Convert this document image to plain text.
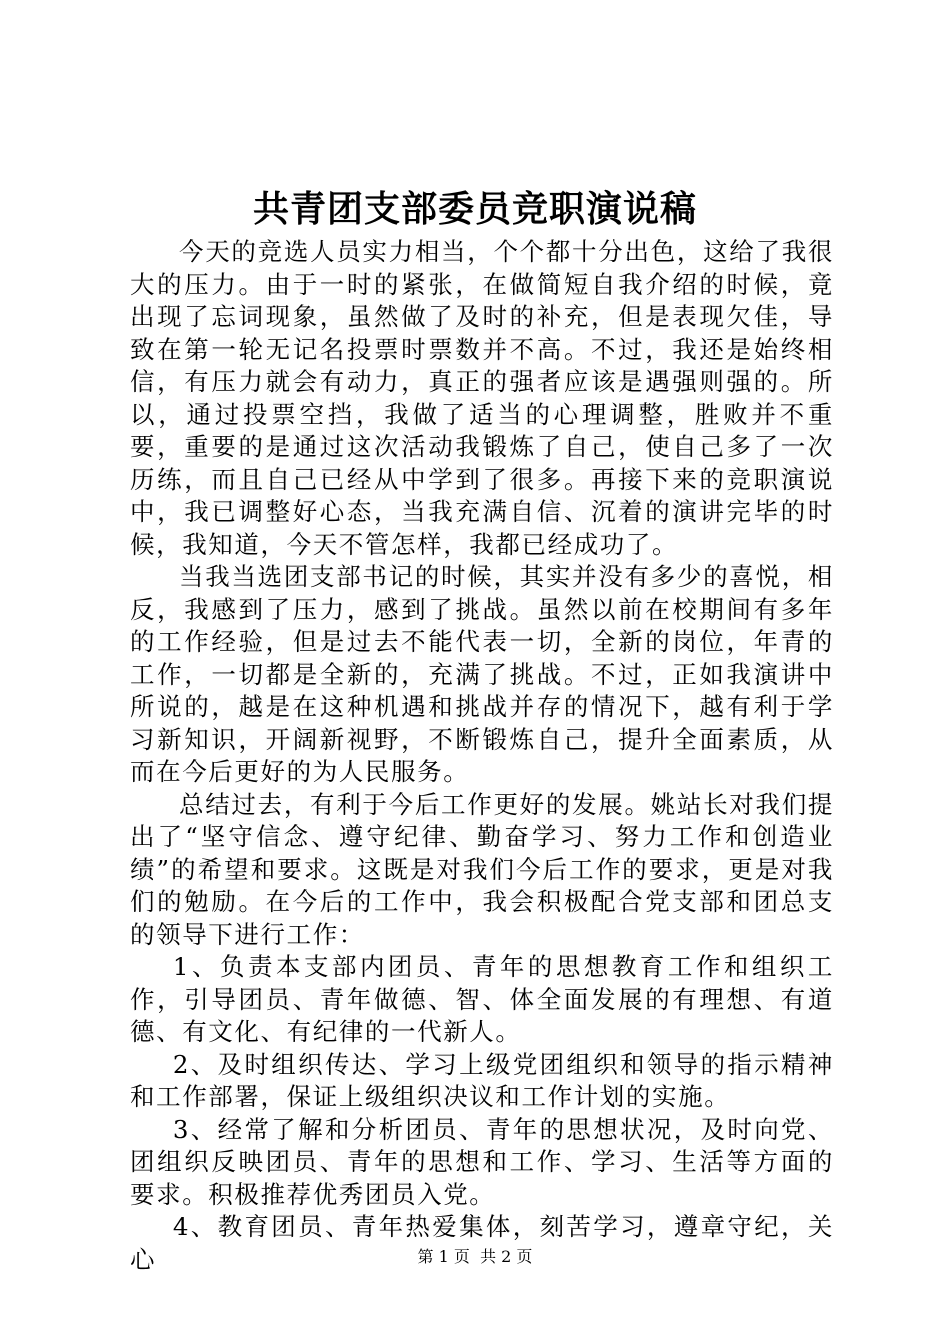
共青团支部委员竞职演说稿

今天的竞选人员实力相当，个个都十分出色，这给了我很大的压力。由于一时的紧张，在做简短自我介绍的时候，竟出现了忘词现象，虽然做了及时的补充，但是表现欠佳，导致在第一轮无记名投票时票数并不高。不过，我还是始终相信，有压力就会有动力，真正的强者应该是遇强则强的。所以，通过投票空挡，我做了适当的心理调整，胜败并不重要，重要的是通过这次活动我锻炼了自己，使自己多了一次历练，而且自己已经从中学到了很多。再接下来的竞职演说中，我已调整好心态，当我充满自信、沉着的演讲完毕的时候，我知道，今天不管怎样，我都已经成功了。

当我当选团支部书记的时候，其实并没有多少的喜悦，相反，我感到了压力，感到了挑战。虽然以前在校期间有多年的工作经验，但是过去不能代表一切，全新的岗位，年青的工作，一切都是全新的，充满了挑战。不过，正如我演讲中所说的，越是在这种机遇和挑战并存的情况下，越有利于学习新知识，开阔新视野，不断锻炼自己，提升全面素质，从而在今后更好的为人民服务。

总结过去，有利于今后工作更好的发展。姚站长对我们提出了“坚守信念、遵守纪律、勤奋学习、努力工作和创造业绩”的希望和要求。这既是对我们今后工作的要求，更是对我们的勉励。在今后的工作中，我会积极配合党支部和团总支的领导下进行工作：

1、负责本支部内团员、青年的思想教育工作和组织工作，引导团员、青年做德、智、体全面发展的有理想、有道德、有文化、有纪律的一代新人。

2、及时组织传达、学习上级党团组织和领导的指示精神和工作部署，保证上级组织决议和工作计划的实施。

3、经常了解和分析团员、青年的思想状况，及时向党、团组织反映团员、青年的思想和工作、学习、生活等方面的要求。积极推荐优秀团员入党。

4、教育团员、青年热爱集体，刻苦学习，遵章守纪，关心	第 1 页  共 2 页
